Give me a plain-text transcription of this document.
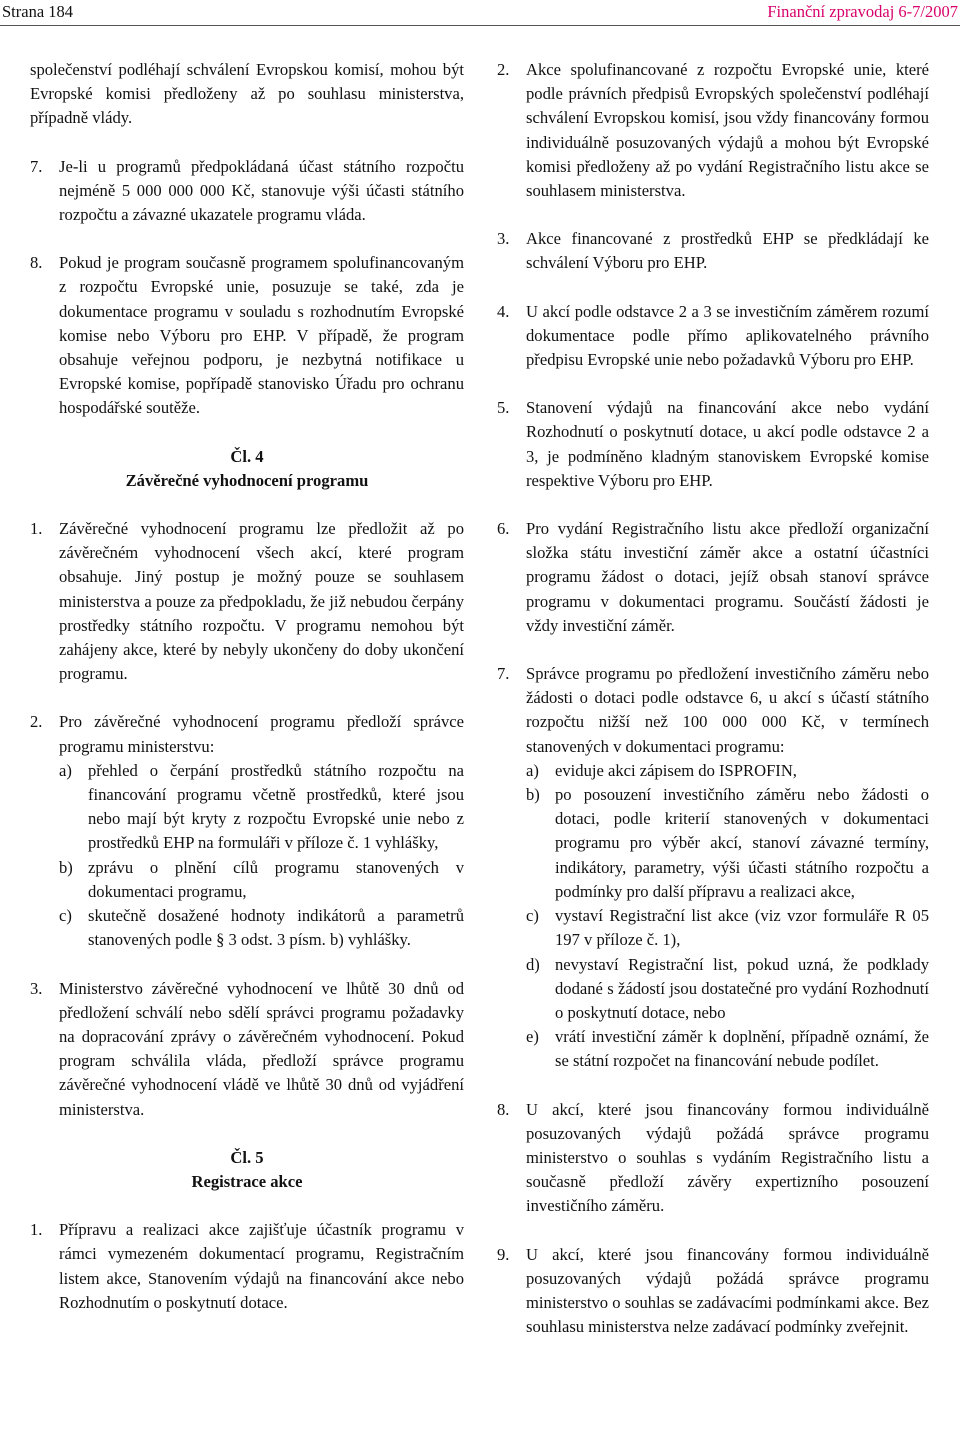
Strana 184	Finanční zpravodaj 6-7/2007
společenství podléhají schválení Evropskou komisí, mohou být Evropské komisi předloženy až po souhlasu ministerstva, případně vlády.
7. Je-li u programů předpokládaná účast státního rozpočtu nejméně 5 000 000 000 Kč, stanovuje výši účasti státního rozpočtu a závazné ukazatele programu vláda.
8. Pokud je program současně programem spolufinancovaným z rozpočtu Evropské unie, posuzuje se také, zda je dokumentace programu v souladu s rozhodnutím Evropské komise nebo Výboru pro EHP. V případě, že program obsahuje veřejnou podporu, je nezbytná notifikace u Evropské komise, popřípadě stanovisko Úřadu pro ochranu hospodářské soutěže.
Čl. 4
Závěrečné vyhodnocení programu
1. Závěrečné vyhodnocení programu lze předložit až po závěrečném vyhodnocení všech akcí, které program obsahuje. Jiný postup je možný pouze se souhlasem ministerstva a pouze za předpokladu, že již nebudou čerpány prostředky státního rozpočtu. V programu nemohou být zahájeny akce, které by nebyly ukončeny do doby ukončení programu.
2. Pro závěrečné vyhodnocení programu předloží správce programu ministerstvu:
a) přehled o čerpání prostředků státního rozpočtu na financování programu včetně prostředků, které jsou nebo mají být kryty z rozpočtu Evropské unie nebo z prostředků EHP na formuláři v příloze č. 1 vyhlášky,
b) zprávu o plnění cílů programu stanovených v dokumentaci programu,
c) skutečně dosažené hodnoty indikátorů a parametrů stanovených podle § 3 odst. 3 písm. b) vyhlášky.
3. Ministerstvo závěrečné vyhodnocení ve lhůtě 30 dnů od předložení schválí nebo sdělí správci programu požadavky na dopracování zprávy o závěrečném vyhodnocení. Pokud program schválila vláda, předloží správce programu závěrečné vyhodnocení vládě ve lhůtě 30 dnů od vyjádření ministerstva.
Čl. 5
Registrace akce
1. Přípravu a realizaci akce zajišťuje účastník programu v rámci vymezeném dokumentací programu, Registračním listem akce, Stanovením výdajů na financování akce nebo Rozhodnutím o poskytnutí dotace.
2. Akce spolufinancované z rozpočtu Evropské unie, které podle právních předpisů Evropských společenství podléhají schválení Evropskou komisí, jsou vždy financovány formou individuálně posuzovaných výdajů a mohou být Evropské komisi předloženy až po vydání Registračního listu akce se souhlasem ministerstva.
3. Akce financované z prostředků EHP se předkládají ke schválení Výboru pro EHP.
4. U akcí podle odstavce 2 a 3 se investičním záměrem rozumí dokumentace podle přímo aplikovatelného právního předpisu Evropské unie nebo požadavků Výboru pro EHP.
5. Stanovení výdajů na financování akce nebo vydání Rozhodnutí o poskytnutí dotace, u akcí podle odstavce 2 a 3, je podmíněno kladným stanoviskem Evropské komise respektive Výboru pro EHP.
6. Pro vydání Registračního listu akce předloží organizační složka státu investiční záměr akce a ostatní účastníci programu žádost o dotaci, jejíž obsah stanoví správce programu v dokumentaci programu. Součástí žádosti je vždy investiční záměr.
7. Správce programu po předložení investičního záměru nebo žádosti o dotaci podle odstavce 6, u akcí s účastí státního rozpočtu nižší než 100 000 000 Kč, v termínech stanovených v dokumentaci programu:
a) eviduje akci zápisem do ISPROFIN,
b) po posouzení investičního záměru nebo žádosti o dotaci, podle kriterií stanovených v dokumentaci programu pro výběr akcí, stanoví závazné termíny, indikátory, parametry, výši účasti státního rozpočtu a podmínky pro další přípravu a realizaci akce,
c) vystaví Registrační list akce (viz vzor formuláře R 05 197 v příloze č. 1),
d) nevystaví Registrační list, pokud uzná, že podklady dodané s žádostí jsou dostatečné pro vydání Rozhodnutí o poskytnutí dotace, nebo
e) vrátí investiční záměr k doplnění, případně oznámí, že se státní rozpočet na financování nebude podílet.
8. U akcí, které jsou financovány formou individuálně posuzovaných výdajů požádá správce programu ministerstvo o souhlas s vydáním Registračního listu a současně předloží závěry expertizního posouzení investičního záměru.
9. U akcí, které jsou financovány formou individuálně posuzovaných výdajů požádá správce programu ministerstvo o souhlas se zadávacími podmínkami akce. Bez souhlasu ministerstva nelze zadávací podmínky zveřejnit.
